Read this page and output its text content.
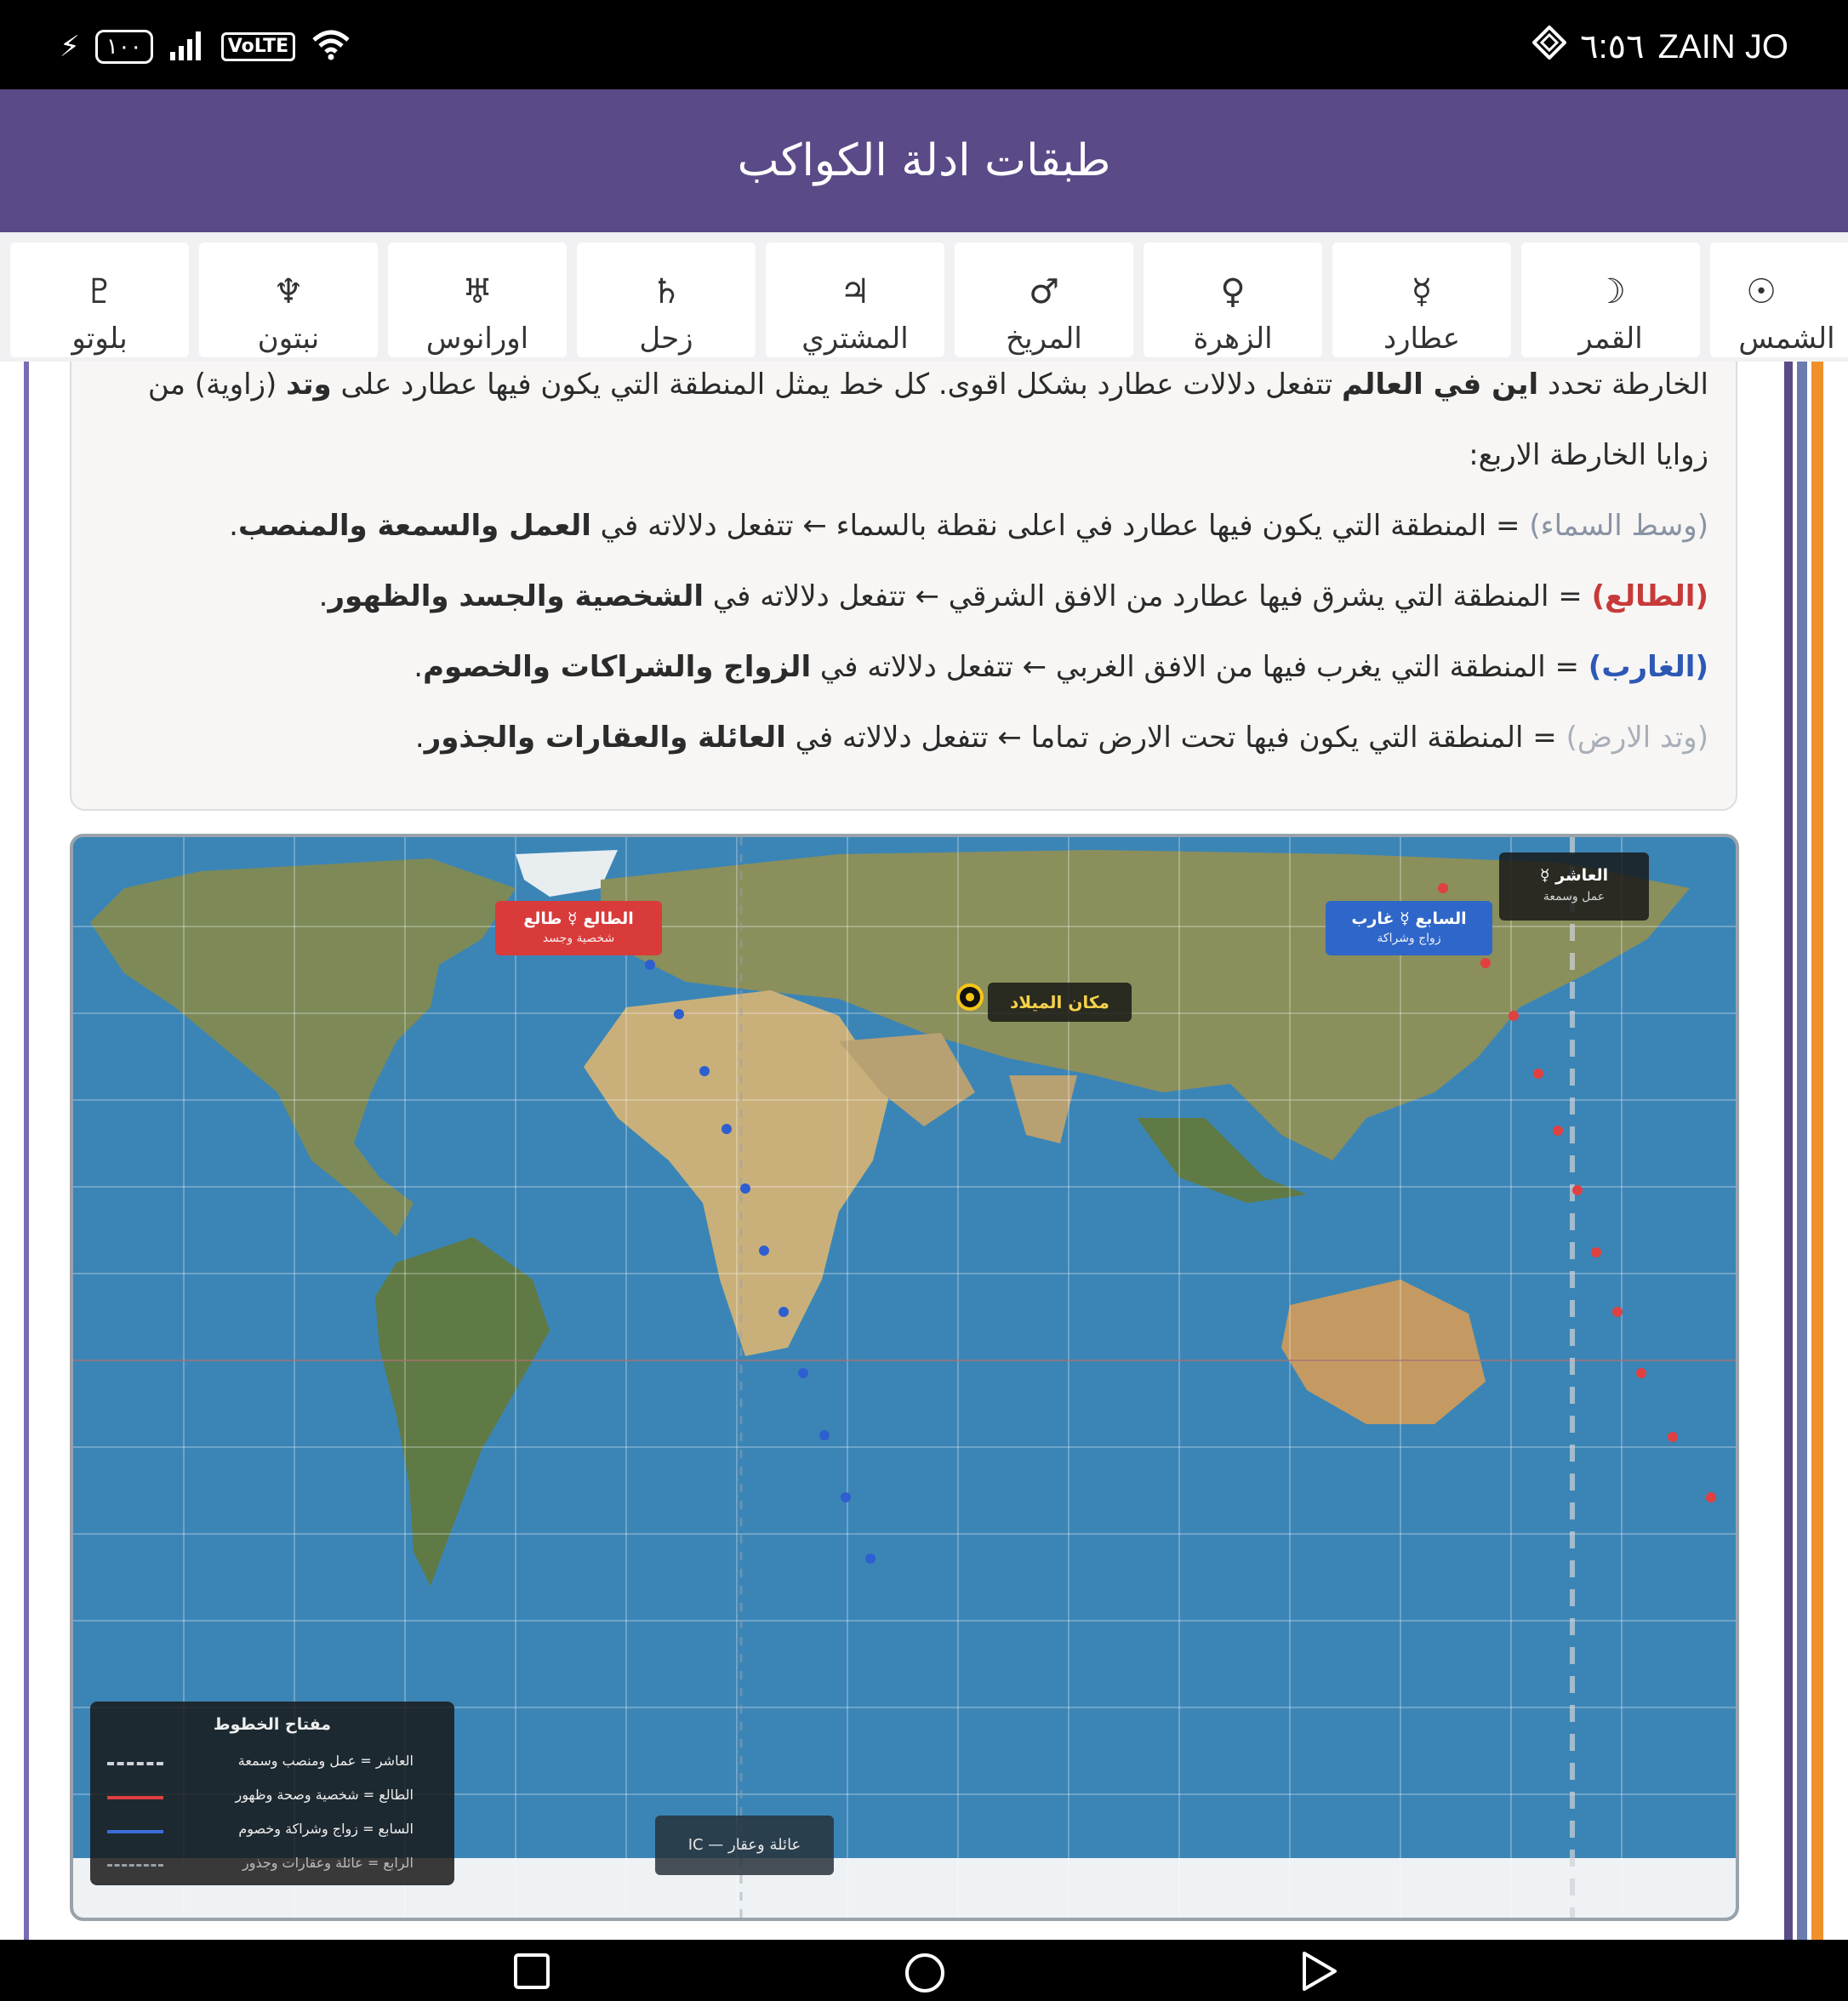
⚡	١٠٠	VoLTE	٦:٥٦ ZAIN JO
طبقات ادلة الكواكب
♇
بلوتو
♆
نبتون
♅
اورانوس
♄
زحل
♃
المشتري
♂
المريخ
♀
الزهرة
☿
عطارد
☽
القمر
☉
الشمس
الخارطة تحدد اين في العالم تتفعل دلالات عطارد بشكل اقوى. كل خط يمثل المنطقة التي يكون فيها عطارد على وتد (زاوية) من
زوايا الخارطة الاربع:
(وسط السماء) = المنطقة التي يكون فيها عطارد في اعلى نقطة بالسماء ← تتفعل دلالاته في العمل والسمعة والمنصب.
(الطالع) = المنطقة التي يشرق فيها عطارد من الافق الشرقي ← تتفعل دلالاته في الشخصية والجسد والظهور.
(الغارب) = المنطقة التي يغرب فيها من الافق الغربي ← تتفعل دلالاته في الزواج والشراكات والخصوم.
(وتد الارض) = المنطقة التي يكون فيها تحت الارض تماما ← تتفعل دلالاته في العائلة والعقارات والجذور.
مكان الميلاد
الطالع ☿ طالع
شخصية وجسد
السابع ☿ غارب
زواج وشراكة
العاشر ☿
عمل وسمعة
IC — عائلة وعقار
مفتاح الخطوط
العاشر = عمل ومنصب وسمعة
الطالع = شخصية وصحة وظهور
السابع = زواج وشراكة وخصوم
الرابع = عائلة وعقارات وجذور
